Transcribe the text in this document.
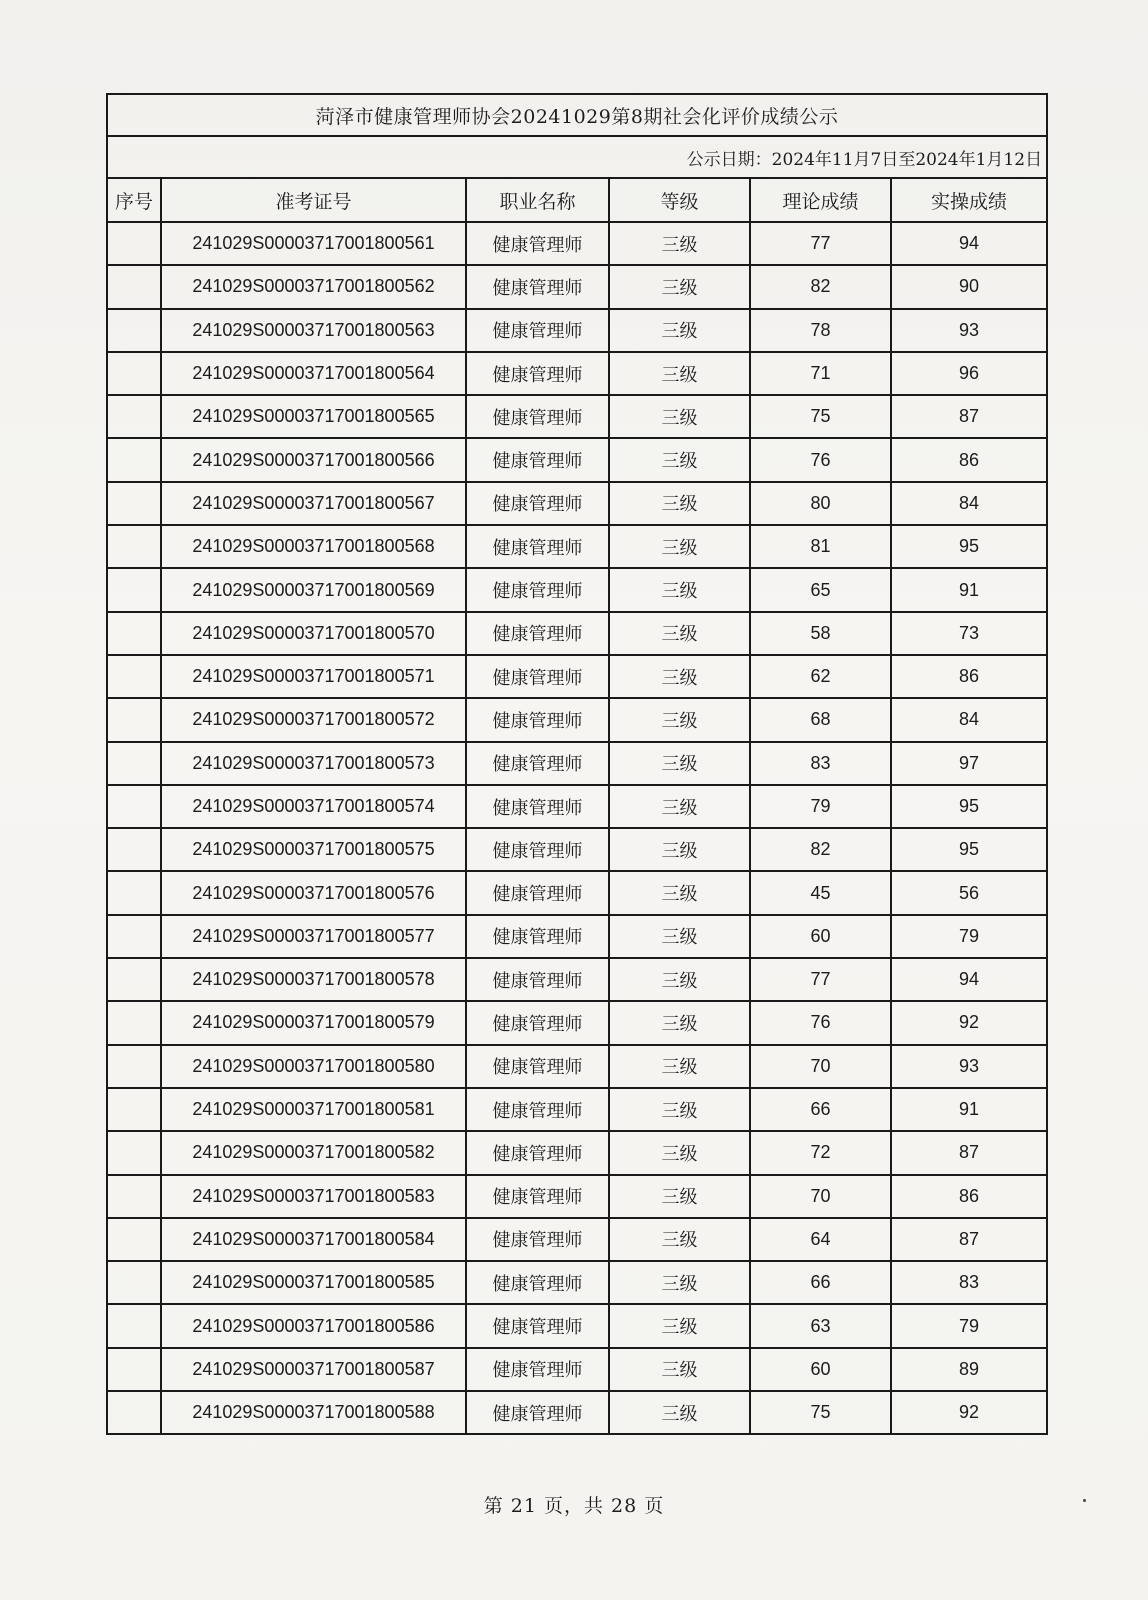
菏泽市健康管理师协会20241029第8期社会化评价成绩公示					
公示日期：2024年11月7日至2024年1月12日					
序号	准考证号	职业名称	等级	理论成绩	实操成绩
	241029S00003717001800561	健康管理师	三级	77	94
	241029S00003717001800562	健康管理师	三级	82	90
	241029S00003717001800563	健康管理师	三级	78	93
	241029S00003717001800564	健康管理师	三级	71	96
	241029S00003717001800565	健康管理师	三级	75	87
	241029S00003717001800566	健康管理师	三级	76	86
	241029S00003717001800567	健康管理师	三级	80	84
	241029S00003717001800568	健康管理师	三级	81	95
	241029S00003717001800569	健康管理师	三级	65	91
	241029S00003717001800570	健康管理师	三级	58	73
	241029S00003717001800571	健康管理师	三级	62	86
	241029S00003717001800572	健康管理师	三级	68	84
	241029S00003717001800573	健康管理师	三级	83	97
	241029S00003717001800574	健康管理师	三级	79	95
	241029S00003717001800575	健康管理师	三级	82	95
	241029S00003717001800576	健康管理师	三级	45	56
	241029S00003717001800577	健康管理师	三级	60	79
	241029S00003717001800578	健康管理师	三级	77	94
	241029S00003717001800579	健康管理师	三级	76	92
	241029S00003717001800580	健康管理师	三级	70	93
	241029S00003717001800581	健康管理师	三级	66	91
	241029S00003717001800582	健康管理师	三级	72	87
	241029S00003717001800583	健康管理师	三级	70	86
	241029S00003717001800584	健康管理师	三级	64	87
	241029S00003717001800585	健康管理师	三级	66	83
	241029S00003717001800586	健康管理师	三级	63	79
	241029S00003717001800587	健康管理师	三级	60	89
	241029S00003717001800588	健康管理师	三级	75	92
第 21 页，共 28 页
